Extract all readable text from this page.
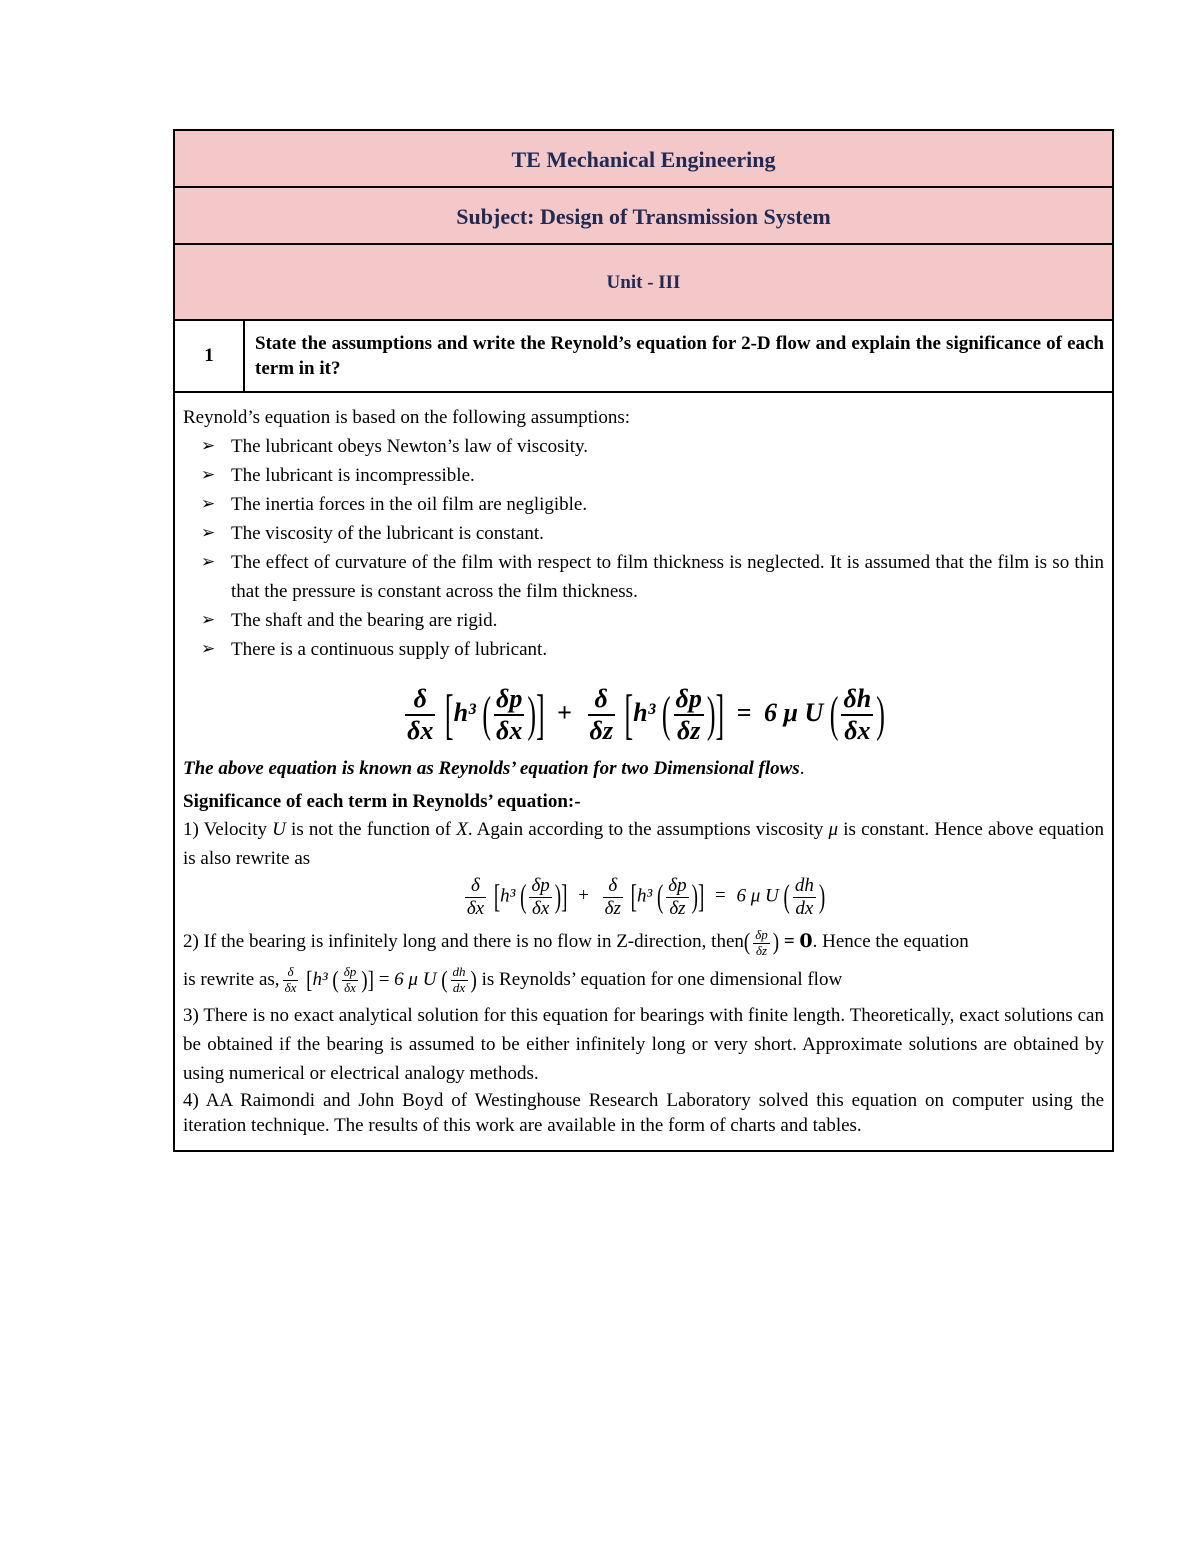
TE Mechanical Engineering
Subject: Design of Transmission System
Unit - III
1
State the assumptions and write the Reynold’s equation for 2-D flow and explain the significance of each term in it?

Reynold’s equation is based on the following assumptions:

➢ The lubricant obeys Newton’s law of viscosity.
➢ The lubricant is incompressible.
➢ The inertia forces in the oil film are negligible.
➢ The viscosity of the lubricant is constant.
➢ The effect of curvature of the film with respect to film thickness is neglected. It is assumed that the film is so thin that the pressure is constant across the film thickness.
➢ The shaft and the bearing are rigid.
➢ There is a continuous supply of lubricant.
$\frac{\delta}{\delta x} [h^3$ ( $\frac{\delta p}{\delta x}$ )] + $\frac{\delta}{\delta z} [h^3$ ( $\frac{\delta p}{\delta z}$ )] = 6 μ U ( $\frac{\delta h}{\delta x}$ )

The above equation is known as Reynolds’ equation for two Dimensional flows.

Significance of each term in Reynolds’ equation:-

1) Velocity U is not the function of X. Again according to the assumptions viscosity μ is constant. Hence above equation is also rewrite as

$\frac{\delta}{\delta x} [h^3$ ( $\frac{\delta p}{\delta x}$ )] + $\frac{\delta}{\delta z} [h^3$ ( $\frac{\delta p}{\delta z}$ )] = 6 μ U ( $\frac{dh}{dx}$ )

2) If the bearing is infinitely long and there is no flow in Z-direction, then( $\frac{\delta p}{\delta z}$ ) = 𝟎. Hence the equation

is rewrite as, $\frac{\delta}{\delta x} [h^3$ ( $\frac{\delta p}{\delta x}$ )] = 6 μ U ( $\frac{dh}{dx}$ ) is Reynolds’ equation for one dimensional flow

3) There is no exact analytical solution for this equation for bearings with finite length. Theoretically, exact solutions can be obtained if the bearing is assumed to be either infinitely long or very short. Approximate solutions are obtained by using numerical or electrical analogy methods.

4) AA Raimondi and John Boyd of Westinghouse Research Laboratory solved this equation on computer using the iteration technique. The results of this work are available in the form of charts and tables.
